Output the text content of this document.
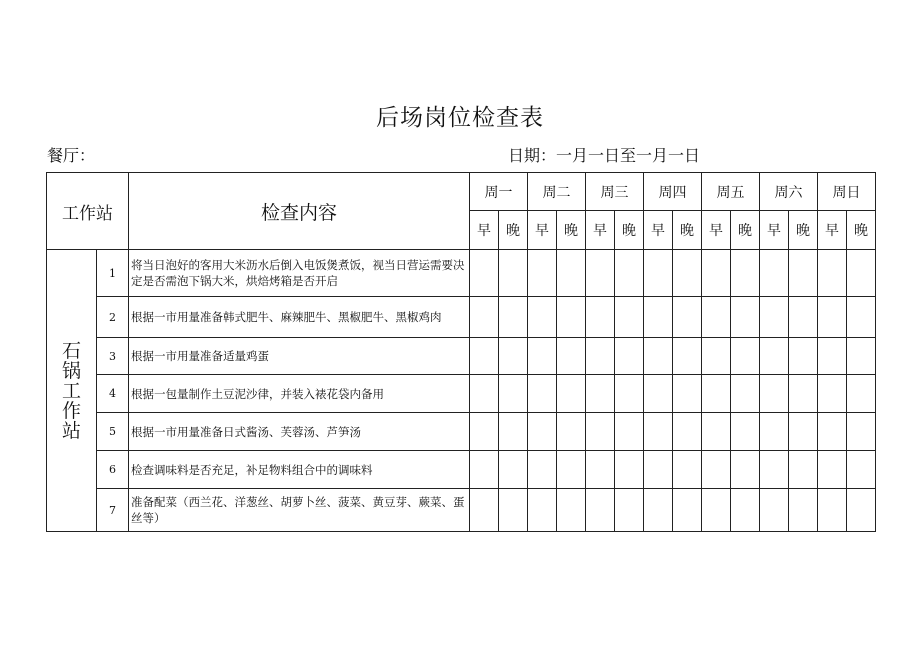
后场岗位检查表
餐厅：	日期：一月一日至一月一日
工作站		检查内容	周一		周二		周三		周四		周五		周六		周日	
			早	晚	早	晚	早	晚	早	晚	早	晚	早	晚	早	晚

石
锅
工
作
站	1	将当日泡好的客用大米沥水后倒入电饭煲煮饭，视当日营运需要决定是否需泡下锅大米，烘焙烤箱是否开启														
	2	根据一市用量准备韩式肥牛、麻辣肥牛、黑椒肥牛、黑椒鸡肉														
	3	根据一市用量准备适量鸡蛋														
	4	根据一包量制作土豆泥沙律，并装入裱花袋内备用														
	5	根据一市用量准备日式酱汤、芙蓉汤、芦笋汤														
	6	检查调味料是否充足，补足物料组合中的调味料														
	7	准备配菜（西兰花、洋葱丝、胡萝卜丝、菠菜、黄豆芽、蕨菜、蛋丝等）														
